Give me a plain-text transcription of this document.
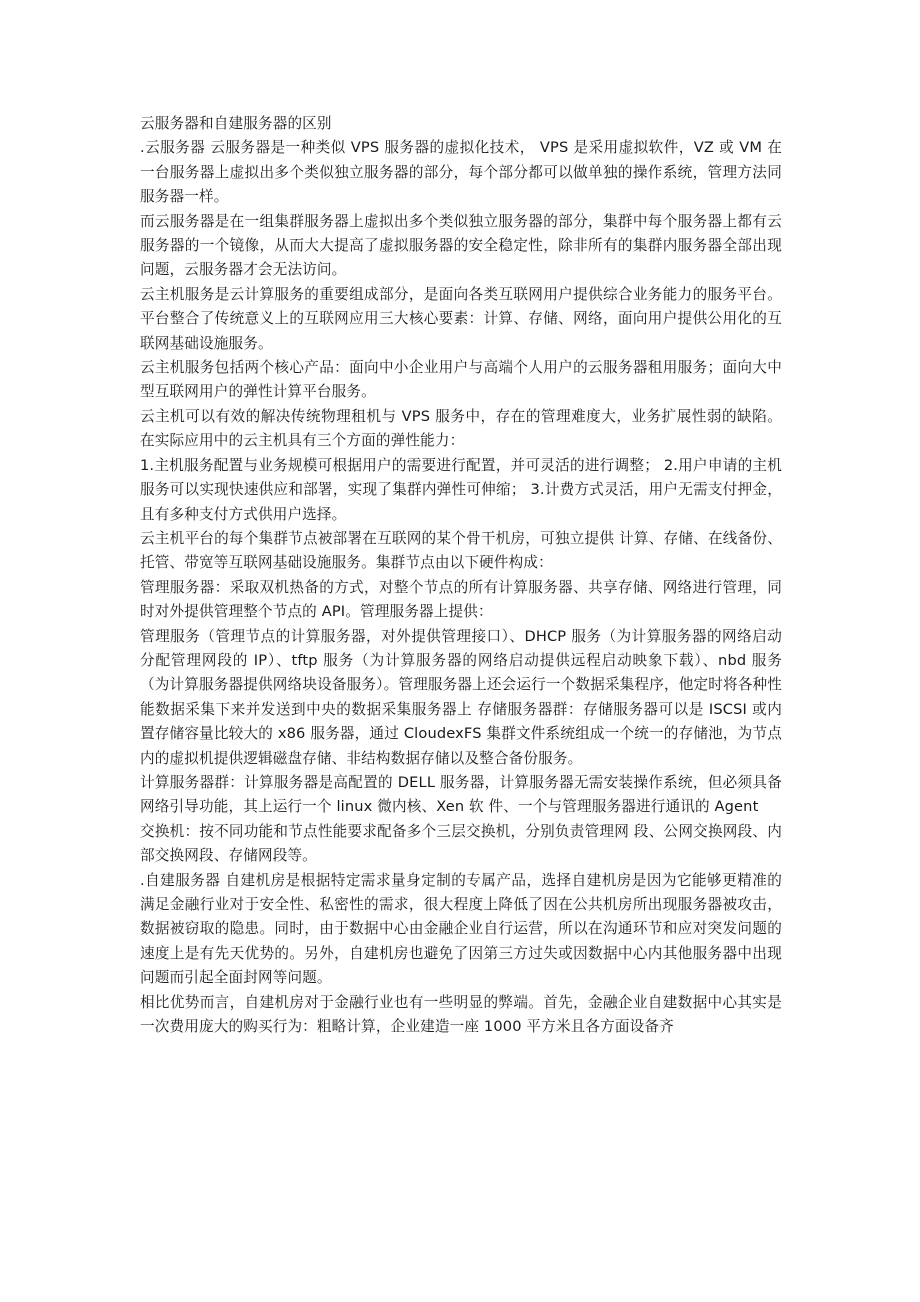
云服务器和自建服务器的区别

.云服务器 云服务器是一种类似 VPS 服务器的虚拟化技术， VPS 是采用虚拟软件，VZ 或 VM 在一台服务器上虚拟出多个类似独立服务器的部分，每个部分都可以做单独的操作系统，管理方法同服务器一样。

而云服务器是在一组集群服务器上虚拟出多个类似独立服务器的部分，集群中每个服务器上都有云服务器的一个镜像，从而大大提高了虚拟服务器的安全稳定性，除非所有的集群内服务器全部出现问题，云服务器才会无法访问。

云主机服务是云计算服务的重要组成部分，是面向各类互联网用户提供综合业务能力的服务平台。平台整合了传统意义上的互联网应用三大核心要素：计算、存储、网络，面向用户提供公用化的互联网基础设施服务。

云主机服务包括两个核心产品：面向中小企业用户与高端个人用户的云服务器租用服务；面向大中型互联网用户的弹性计算平台服务。

云主机可以有效的解决传统物理租机与 VPS 服务中，存在的管理难度大，业务扩展性弱的缺陷。在实际应用中的云主机具有三个方面的弹性能力：

1.主机服务配置与业务规模可根据用户的需要进行配置，并可灵活的进行调整； 2.用户申请的主机服务可以实现快速供应和部署，实现了集群内弹性可伸缩； 3.计费方式灵活，用户无需支付押金，且有多种支付方式供用户选择。

云主机平台的每个集群节点被部署在互联网的某个骨干机房，可独立提供 计算、存储、在线备份、托管、带宽等互联网基础设施服务。集群节点由以下硬件构成：

管理服务器：采取双机热备的方式，对整个节点的所有计算服务器、共享存储、网络进行管理，同时对外提供管理整个节点的 API。管理服务器上提供：

管理服务（管理节点的计算服务器，对外提供管理接口）、DHCP 服务（为计算服务器的网络启动分配管理网段的 IP）、tftp 服务（为计算服务器的网络启动提供远程启动映象下载）、nbd 服务（为计算服务器提供网络块设备服务）。管理服务器上还会运行一个数据采集程序，他定时将各种性能数据采集下来并发送到中央的数据采集服务器上 存储服务器群：存储服务器可以是 ISCSI 或内置存储容量比较大的 x86 服务器，通过 CloudexFS 集群文件系统组成一个统一的存储池，为节点内的虚拟机提供逻辑磁盘存储、非结构数据存储以及整合备份服务。

计算服务器群：计算服务器是高配置的 DELL 服务器，计算服务器无需安装操作系统，但必须具备网络引导功能，其上运行一个 linux 微内核、Xen 软 件、一个与管理服务器进行通讯的 Agent

交换机：按不同功能和节点性能要求配备多个三层交换机，分别负责管理网 段、公网交换网段、内部交换网段、存储网段等。

.自建服务器 自建机房是根据特定需求量身定制的专属产品，选择自建机房是因为它能够更精准的满足金融行业对于安全性、私密性的需求，很大程度上降低了因在公共机房所出现服务器被攻击，数据被窃取的隐患。同时，由于数据中心由金融企业自行运营，所以在沟通环节和应对突发问题的速度上是有先天优势的。另外，自建机房也避免了因第三方过失或因数据中心内其他服务器中出现问题而引起全面封网等问题。

相比优势而言，自建机房对于金融行业也有一些明显的弊端。首先，金融企业自建数据中心其实是一次费用庞大的购买行为：粗略计算，企业建造一座 1000 平方米且各方面设备齐
